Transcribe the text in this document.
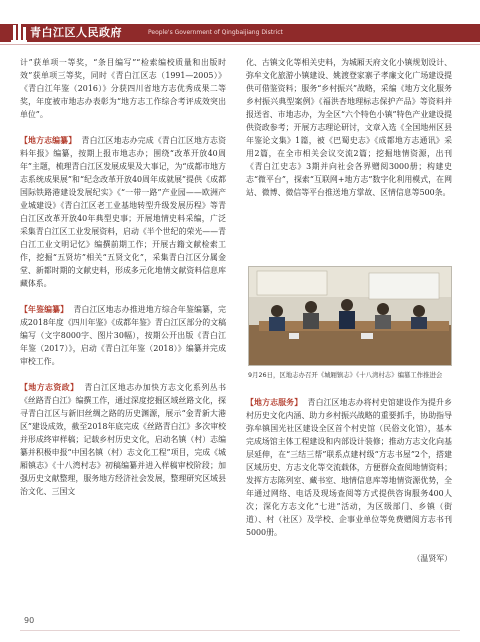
青白江区人民政府	People's Government of Qingbaijiang District

计”获单项一等奖，“条目编写”“检索编校质量和出版时效”获单项三等奖，同时《青白江区志（1991—2005）》《青白江年鉴（2016）》分获四川省地方志优秀成果二等奖，年度被市地志办表彰为“地方志工作综合考评成效突出单位”。

【地方志编纂】 青白江区地志办完成《青白江区地方志资料年报》编纂，按期上报市地志办；围绕“改革开放40周年”主题，梳理青白江区发展成果及大事记，为“成都市地方志系统成果展”和“纪念改革开放40周年成就展”提供《成都国际铁路港建设发展纪实》《“一带一路”产业园——欧洲产业城建设》《青白江区老工业基地转型升级发展历程》等青白江区改革开放40年典型史事；开展地情史料采编，广泛采集青白江区工业发展资料，启动《半个世纪的荣光——青白江工业文明记忆》编撰前期工作；开展古籍文献检索工作，挖掘“五贤坊”相关“五贤文化”，采集青白江区分属金堂、新都时期的文献史料，形成多元化地情文献资料信息库藏体系。

【年鉴编纂】 青白江区地志办推进地方综合年鉴编纂，完成2018年度《四川年鉴》《成都年鉴》青白江区部分的文稿编写（文字8000字、图片30幅），按期公开出版《青白江年鉴（2017）》，启动《青白江年鉴（2018）》编纂并完成审校工作。

【地方志资政】 青白江区地志办加快方志文化系列丛书《丝路青白江》编撰工作，通过深度挖掘区域丝路文化，探寻青白江区与新旧丝绸之路的历史渊源，展示“金青新大港区”建设成效，截至2018年底完成《丝路青白江》多次审校并形成终审样稿；记载乡村历史文化，启动名镇（村）志编纂并积极申报“中国名镇（村）志文化工程”项目，完成《城厢镇志》《十八湾村志》初稿编纂并进入样稿审校阶段；加强历史文献整理，服务地方经济社会发展，整理研究区域县治文化、三国文

化、古镇文化等相关史料，为城厢天府文化小镇规划设计、弥牟文化旅游小镇建设、姚渡登家寨子孝廉文化广场建设提供可借鉴资料；服务“乡村振兴”战略，采编《地方文化服务乡村振兴典型案例》《福洪杏地理标志保护产品》等资料并报送省、市地志办，为全区“六个特色小镇”特色产业建设提供资政参考；开展方志理论研讨，文章入选《全国地州区县年鉴论文集》1篇，被《巴蜀史志》《成都地方志通讯》采用2篇，在全市相关会议交流2篇；挖掘地情资源，出刊《青白江史志》3期并向社会各界赠阅3000册；构建史志“微平台”，探索“互联网+地方志”数字化利用模式，在网站、微博、微信等平台推送地方掌故、区情信息等500条。

9月26日，区地志办召开《城厢镇志》《十八湾村志》编纂工作推进会

【地方志服务】 青白江区地志办将村史馆建设作为提升乡村历史文化内涵、助力乡村振兴战略的重要抓手，协助指导弥牟镇国光社区建设全区首个村史馆（民俗文化馆），基本完成场馆主体工程建设和内部设计装修；推动方志文化向基层延伸，在“三结三帮”联系点建村级“方志书屋”2个，搭建区域历史、方志文化等交流载体，方便群众查阅地情资料；发挥方志陈列室、藏书室、地情信息库等地情资源优势，全年通过网络、电话及现场查阅等方式提供咨询服务400人次；深化方志文化“七进”活动，为区级部门、乡镇（街道）、村（社区）及学校、企事业单位等免费赠阅方志书刊5000册。

（温贤军）
90
